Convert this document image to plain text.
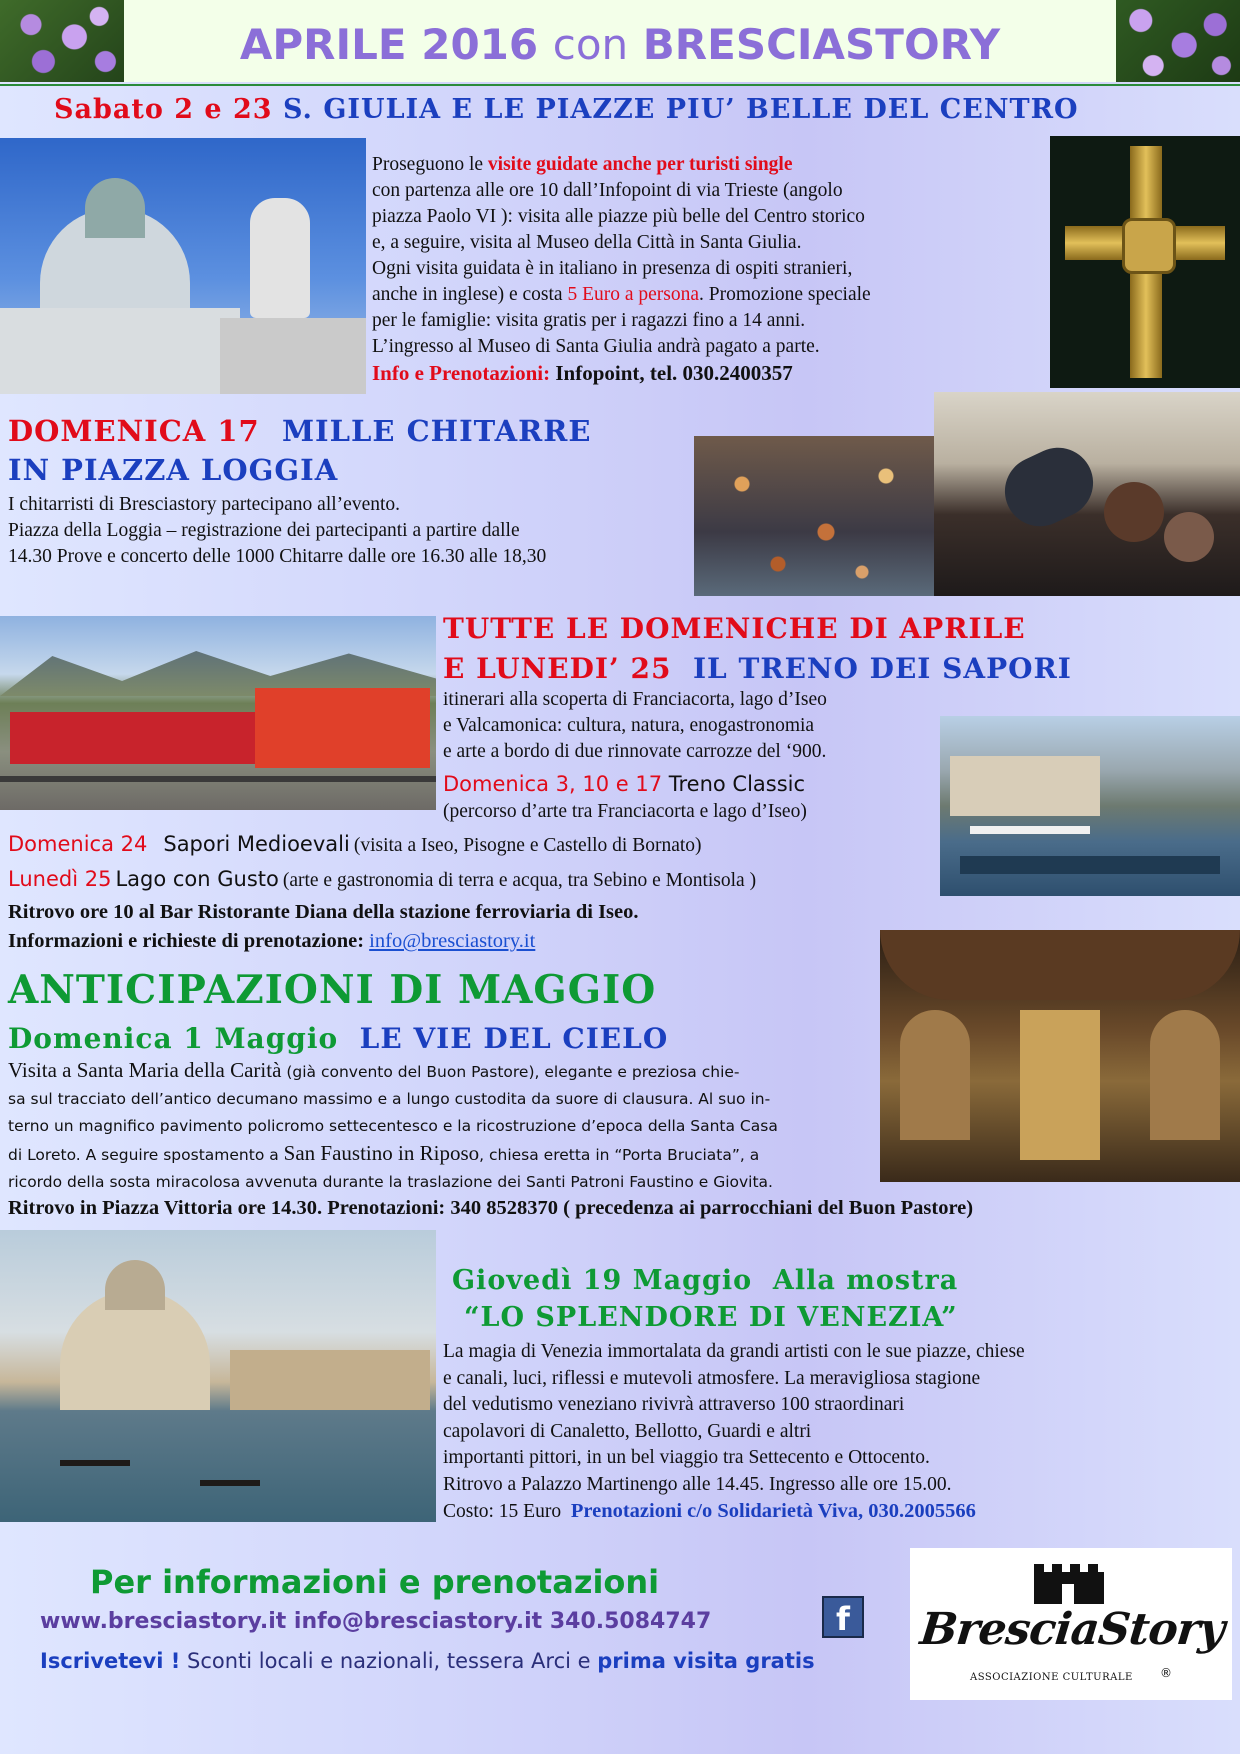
APRILE 2016 con BRESCIASTORY
Sabato 2 e 23 S. GIULIA E LE PIAZZE PIU’ BELLE DEL CENTRO

Proseguono le visite guidate anche per turisti single

con partenza alle ore 10 dall’Infopoint di via Trieste (angolo

piazza Paolo VI ): visita alle piazze più belle del Centro storico

e, a seguire, visita al Museo della Città in Santa Giulia.

Ogni visita guidata è in italiano in presenza di ospiti stranieri,

anche in inglese) e costa 5 Euro a persona. Promozione speciale

per le famiglie: visita gratis per i ragazzi fino a 14 anni.

L’ingresso al Museo di Santa Giulia andrà pagato a parte.

Info e Prenotazioni: Infopoint, tel. 030.2400357

DOMENICA 17 MILLE CHITARRE

IN PIAZZA LOGGIA

I chitarristi di Bresciastory partecipano all’evento.

Piazza della Loggia – registrazione dei partecipanti a partire dalle

14.30 Prove e concerto delle 1000 Chitarre dalle ore 16.30 alle 18,30

TUTTE LE DOMENICHE DI APRILE

E LUNEDI’ 25 IL TRENO DEI SAPORI

itinerari alla scoperta di Franciacorta, lago d’Iseo

e Valcamonica: cultura, natura, enogastronomia

e arte a bordo di due rinnovate carrozze del ‘900.

Domenica 3, 10 e 17 Treno Classic

(percorso d’arte tra Franciacorta e lago d’Iseo)

Domenica 24 Sapori Medioevali (visita a Iseo, Pisogne e Castello di Bornato)

Lunedì 25 Lago con Gusto (arte e gastronomia di terra e acqua, tra Sebino e Montisola )

Ritrovo ore 10 al Bar Ristorante Diana della stazione ferroviaria di Iseo.

Informazioni e richieste di prenotazione: info@bresciastory.it

ANTICIPAZIONI DI MAGGIO
Domenica 1 Maggio LE VIE DEL CIELO

Visita a Santa Maria della Carità (già convento del Buon Pastore), elegante e preziosa chie-

sa sul tracciato dell’antico decumano massimo e a lungo custodita da suore di clausura. Al suo in-

terno un magnifico pavimento policromo settecentesco e la ricostruzione d’epoca della Santa Casa

di Loreto. A seguire spostamento a San Faustino in Riposo, chiesa eretta in “Porta Bruciata”, a

ricordo della sosta miracolosa avvenuta durante la traslazione dei Santi Patroni Faustino e Giovita.

Ritrovo in Piazza Vittoria ore 14.30. Prenotazioni: 340 8528370 ( precedenza ai parrocchiani del Buon Pastore)

Giovedì 19 Maggio Alla mostra

“LO SPLENDORE DI VENEZIA”

La magia di Venezia immortalata da grandi artisti con le sue piazze, chiese

e canali, luci, riflessi e mutevoli atmosfere. La meravigliosa stagione

del vedutismo veneziano rivivrà attraverso 100 straordinari

capolavori di Canaletto, Bellotto, Guardi e altri

importanti pittori, in un bel viaggio tra Settecento e Ottocento.

Ritrovo a Palazzo Martinengo alle 14.45. Ingresso alle ore 15.00.

Costo: 15 Euro Prenotazioni c/o Solidarietà Viva, 030.2005566

Per informazioni e prenotazioni
www.bresciastory.it info@bresciastory.it 340.5084747	f
Iscrivetevi ! Sconti locali e nazionali, tessera Arci e prima visita gratis
BresciaStory
ASSOCIAZIONE CULTURALE ®
